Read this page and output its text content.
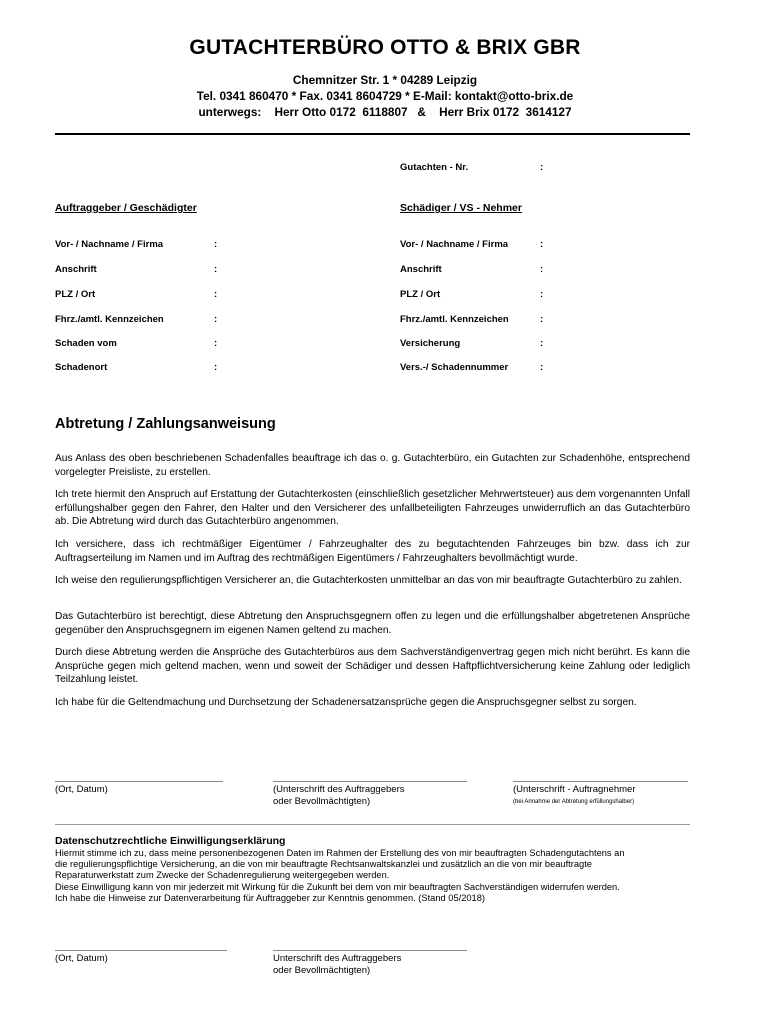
GUTACHTERBÜRO OTTO & BRIX GBR
Chemnitzer Str. 1 * 04289 Leipzig
Tel. 0341 860470 * Fax. 0341 8604729 * E-Mail: kontakt@otto-brix.de
unterwegs:    Herr Otto 0172  6118807   &    Herr Brix 0172  3614127
Gutachten - Nr.	:
Auftraggeber / Geschädigter	Schädiger / VS - Nehmer
Vor- / Nachname / Firma	:
Anschrift	:
PLZ / Ort	:
Fhrz./amtl. Kennzeichen	:
Schaden vom	:
Schadenort	:
Vor- / Nachname / Firma	:
Anschrift	:
PLZ / Ort	:
Fhrz./amtl. Kennzeichen	:
Versicherung	:
Vers.-/ Schadennummer	:
Abtretung / Zahlungsanweisung
Aus Anlass des oben beschriebenen Schadenfalles beauftrage ich das o. g. Gutachterbüro, ein Gutachten zur Schadenhöhe, entsprechend vorgelegter Preisliste, zu erstellen.
Ich trete hiermit den Anspruch auf Erstattung der Gutachterkosten (einschließlich gesetzlicher Mehrwertsteuer) aus dem vorgenannten Unfall erfüllungshalber gegen den Fahrer, den Halter und den Versicherer des unfallbeteiligten Fahrzeuges unwiderruflich an das Gutachterbüro ab. Die Abtretung wird durch das Gutachterbüro angenommen.
Ich versichere, dass ich rechtmäßiger Eigentümer / Fahrzeughalter des zu begutachtenden Fahrzeuges bin bzw. dass ich zur Auftragserteilung im Namen und im Auftrag des rechtmäßigen Eigentümers / Fahrzeughalters bevollmächtigt wurde.
Ich weise den regulierungspflichtigen Versicherer an, die Gutachterkosten unmittelbar an das von mir beauftragte Gutachterbüro zu zahlen.
Das Gutachterbüro ist berechtigt, diese Abtretung den Anspruchsgegnern offen zu legen und die erfüllungshalber abgetretenen Ansprüche gegenüber den Anspruchsgegnern im eigenen Namen geltend zu machen.
Durch diese Abtretung werden die Ansprüche des Gutachterbüros aus dem Sachverständigenvertrag gegen mich nicht berührt. Es kann die Ansprüche gegen mich geltend machen, wenn und soweit der Schädiger und dessen Haftpflichtversicherung keine Zahlung oder lediglich Teilzahlung leistet.
Ich habe für die Geltendmachung und Durchsetzung der Schadenersatzansprüche gegen die Anspruchsgegner selbst zu sorgen.
(Ort, Datum)	(Unterschrift des Auftraggebers
oder Bevollmächtigten)
(Unterschrift - Auftragnehmer
(bei Annahme der Abtretung erfüllungshalber)
Datenschutzrechtliche Einwilligungserklärung
Hiermit stimme ich zu, dass meine personenbezogenen Daten im Rahmen der Erstellung des von mir beauftragten Schadengutachtens an
die regulierungspflichtige Versicherung, an die von mir beauftragte Rechtsanwaltskanzlei und zusätzlich an die von mir beauftragte
Reparaturwerkstatt zum Zwecke der Schadenregulierung weitergegeben werden.
Diese Einwilligung kann von mir jederzeit mit Wirkung für die Zukunft bei dem von mir beauftragten Sachverständigen widerrufen werden.
Ich habe die Hinweise zur Datenverarbeitung für Auftraggeber zur Kenntnis genommen. (Stand 05/2018)
(Ort, Datum)	Unterschrift des Auftraggebers
oder Bevollmächtigten)
